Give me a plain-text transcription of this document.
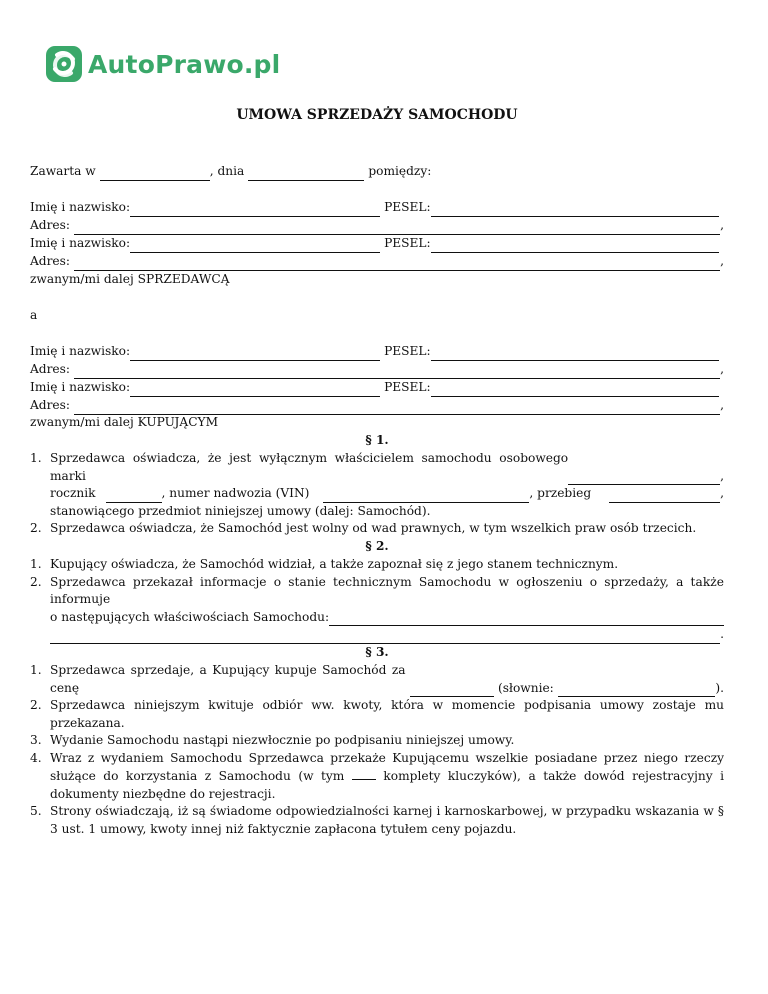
AutoPrawo.pl
UMOWA SPRZEDAŻY SAMOCHODU
Zawarta w	, dnia	pomiędzy:
Imię i nazwisko:	PESEL:
Adres:	,
Imię i nazwisko:	PESEL:
Adres:	,
zwanym/mi dalej SPRZEDAWCĄ
a
Imię i nazwisko:	PESEL:
Adres:	,
Imię i nazwisko:	PESEL:
Adres:	,
zwanym/mi dalej KUPUJĄCYM
§ 1.
1. Sprzedawca oświadcza, że jest wyłącznym właścicielem samochodu osobowego marki	,
rocznik	, numer nadwozia (VIN)	, przebieg	,
stanowiącego przedmiot niniejszej umowy (dalej: Samochód).
2. Sprzedawca oświadcza, że Samochód jest wolny od wad prawnych, w tym wszelkich praw osób trzecich.
§ 2.
1. Kupujący oświadcza, że Samochód widział, a także zapoznał się z jego stanem technicznym.
2. Sprzedawca przekazał informacje o stanie technicznym Samochodu w ogłoszeniu o sprzedaży, a także informuje
o następujących właściwościach Samochodu:
.
§ 3.
1. Sprzedawca sprzedaje, a Kupujący kupuje Samochód za cenę	(słownie:	).
2. Sprzedawca niniejszym kwituje odbiór ww. kwoty, która w momencie podpisania umowy zostaje mu przekazana.
3. Wydanie Samochodu nastąpi niezwłocznie po podpisaniu niniejszej umowy.
4. Wraz z wydaniem Samochodu Sprzedawca przekaże Kupującemu wszelkie posiadane przez niego rzeczy służące do korzystania z Samochodu (w tym	komplety kluczyków), a także dowód rejestracyjny i dokumenty niezbędne do rejestracji.
5. Strony oświadczają, iż są świadome odpowiedzialności karnej i karnoskarbowej, w przypadku wskazania w § 3 ust. 1 umowy, kwoty innej niż faktycznie zapłacona tytułem ceny pojazdu.
